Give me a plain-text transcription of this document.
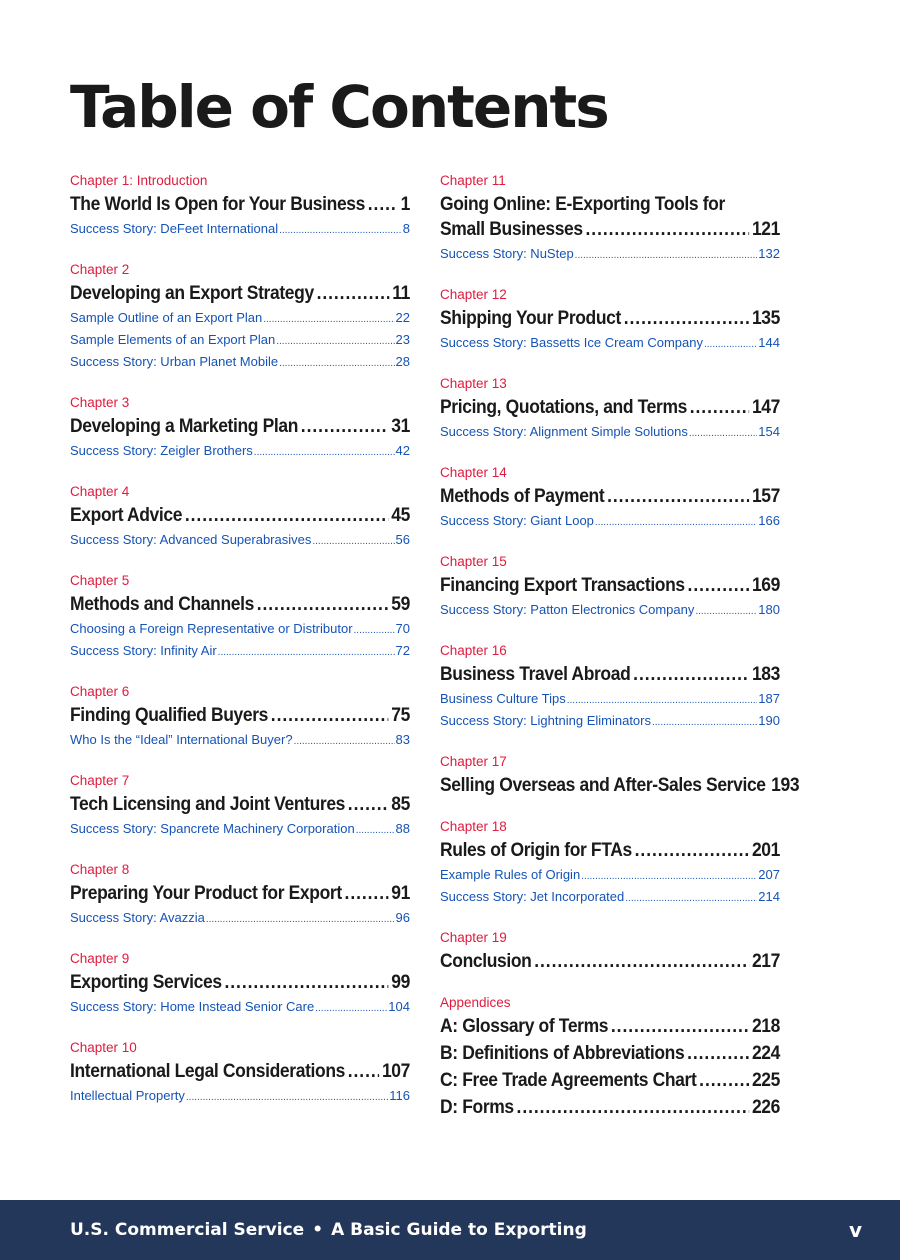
Table of Contents
Chapter 1: Introduction
The World Is Open for Your Business ..... 1
Success Story: DeFeet International .....	8
Chapter 2
Developing an Export Strategy .....	11
Sample Outline of an Export Plan .....	22
Sample Elements of an Export Plan .....	23
Success Story: Urban Planet Mobile .....	28
Chapter 3
Developing a Marketing Plan .....	31
Success Story: Zeigler Brothers .....	42
Chapter 4
Export Advice .....	45
Success Story: Advanced Superabrasives .....	56
Chapter 5
Methods and Channels .....	59
Choosing a Foreign Representative or Distributor .....	70
Success Story: Infinity Air .....	72
Chapter 6
Finding Qualified Buyers .....	75
Who Is the “Ideal” International Buyer? .....	83
Chapter 7
Tech Licensing and Joint Ventures ..... 85
Success Story: Spancrete Machinery Corporation .....	88
Chapter 8
Preparing Your Product for Export .....	91
Success Story: Avazzia .....	96
Chapter 9
Exporting Services .....	99
Success Story: Home Instead Senior Care .....	104
Chapter 10
International Legal Considerations ..... 107
Intellectual Property .....	116
Chapter 11
Going Online: E-Exporting Tools for
Small Businesses .....	121
Success Story: NuStep .....	132
Chapter 12
Shipping Your Product .....	135
Success Story: Bassetts Ice Cream Company .....	144
Chapter 13
Pricing, Quotations, and Terms .....	147
Success Story: Alignment Simple Solutions .....	154
Chapter 14
Methods of Payment .....	157
Success Story: Giant Loop .....	166
Chapter 15
Financing Export Transactions .....	169
Success Story: Patton Electronics Company .....	180
Chapter 16
Business Travel Abroad .....	183
Business Culture Tips .....	187
Success Story: Lightning Eliminators .....	190
Chapter 17
Selling Overseas and After-Sales Service 193
Chapter 18
Rules of Origin for FTAs .....	201
Example Rules of Origin .....	207
Success Story: Jet Incorporated .....	214
Chapter 19
Conclusion .....	217
Appendices
A: Glossary of Terms .....	218
B: Definitions of Abbreviations .....	224
C: Free Trade Agreements Chart .....	225
D: Forms .....	226
U.S. Commercial Service • A Basic Guide to Exporting	v
